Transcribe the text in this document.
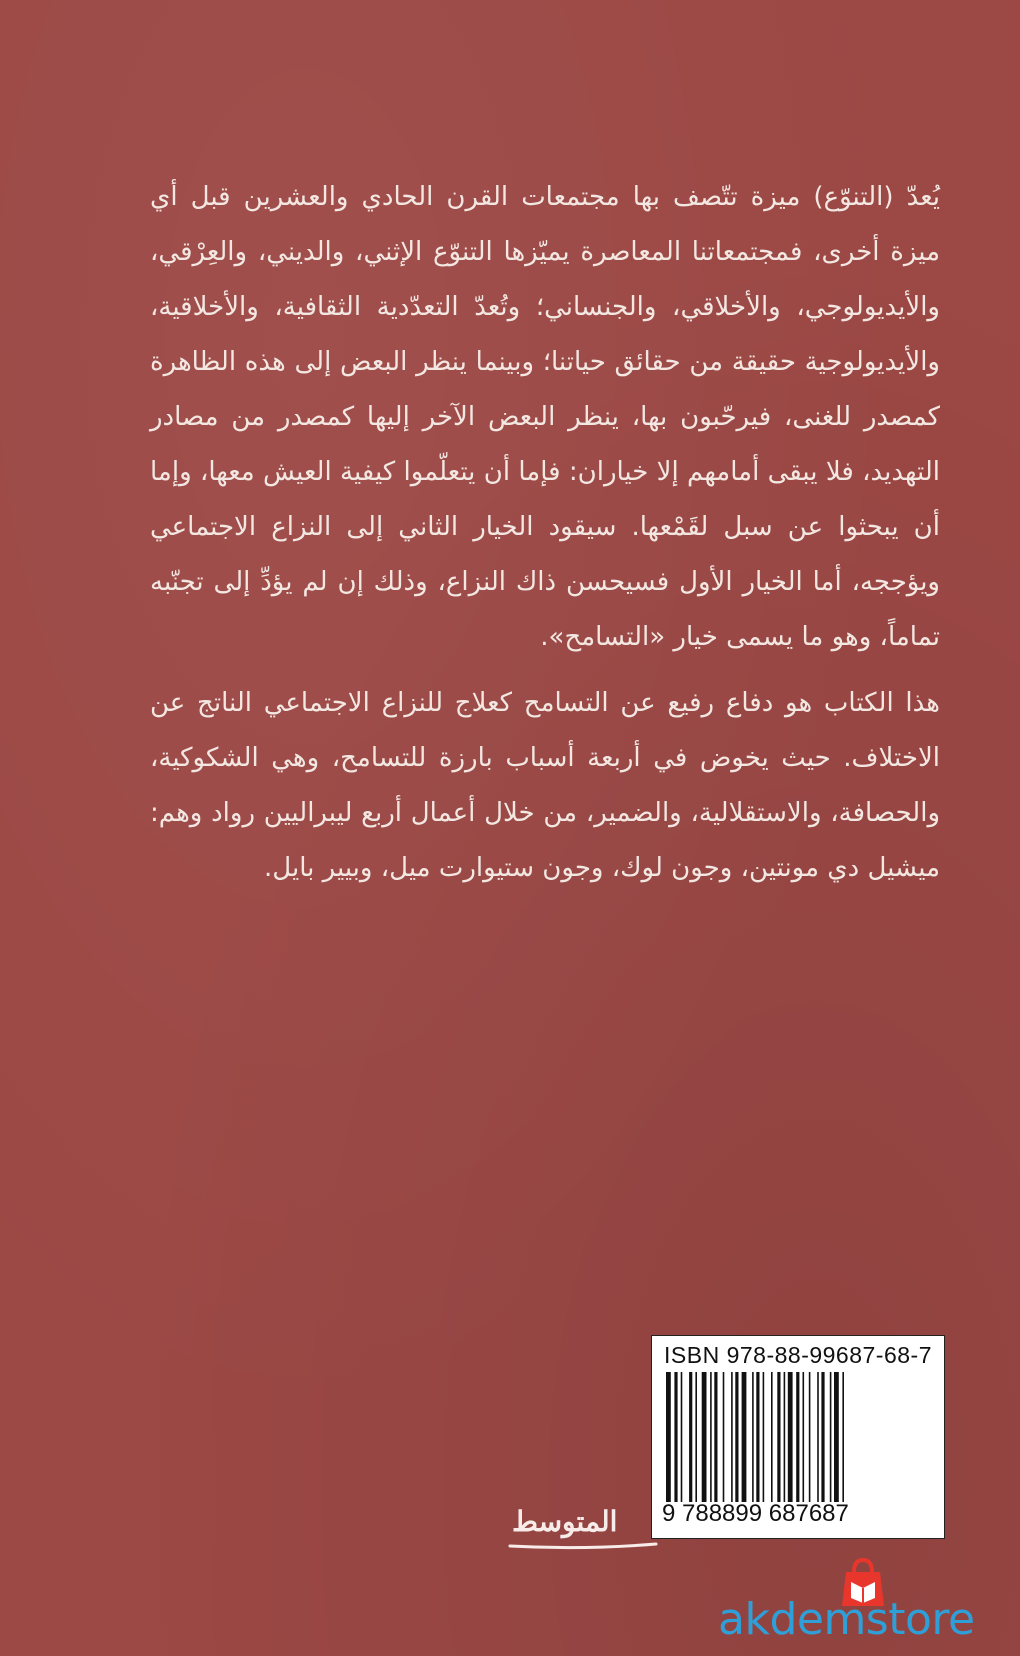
يُعدّ (التنوّع) ميزة تتّصف بها مجتمعات القرن الحادي والعشرين قبل أي ميزة أخرى، فمجتمعاتنا المعاصرة يميّزها التنوّع الإثني، والديني، والعِرْقي، والأيديولوجي، والأخلاقي، والجنساني؛ وتُعدّ التعدّدية الثقافية، والأخلاقية، والأيديولوجية حقيقة من حقائق حياتنا؛ وبينما ينظر البعض إلى هذه الظاهرة كمصدر للغنى، فيرحّبون بها، ينظر البعض الآخر إليها كمصدر من مصادر التهديد، فلا يبقى أمامهم إلا خياران: فإما أن يتعلّموا كيفية العيش معها، وإما أن يبحثوا عن سبل لقَمْعها. سيقود الخيار الثاني إلى النزاع الاجتماعي ويؤججه، أما الخيار الأول فسيحسن ذاك النزاع، وذلك إن لم يؤدِّ إلى تجنّبه تماماً، وهو ما يسمى خيار «التسامح».

هذا الكتاب هو دفاع رفيع عن التسامح كعلاج للنزاع الاجتماعي الناتج عن الاختلاف. حيث يخوض في أربعة أسباب بارزة للتسامح، وهي الشكوكية، والحصافة، والاستقلالية، والضمير، من خلال أعمال أربع ليبراليين رواد وهم: ميشيل دي مونتين، وجون لوك، وجون ستيوارت ميل، وبيير بايل.

ISBN 978-88-99687-68-7
9 788899 687687
المتوسط
akdemstore
